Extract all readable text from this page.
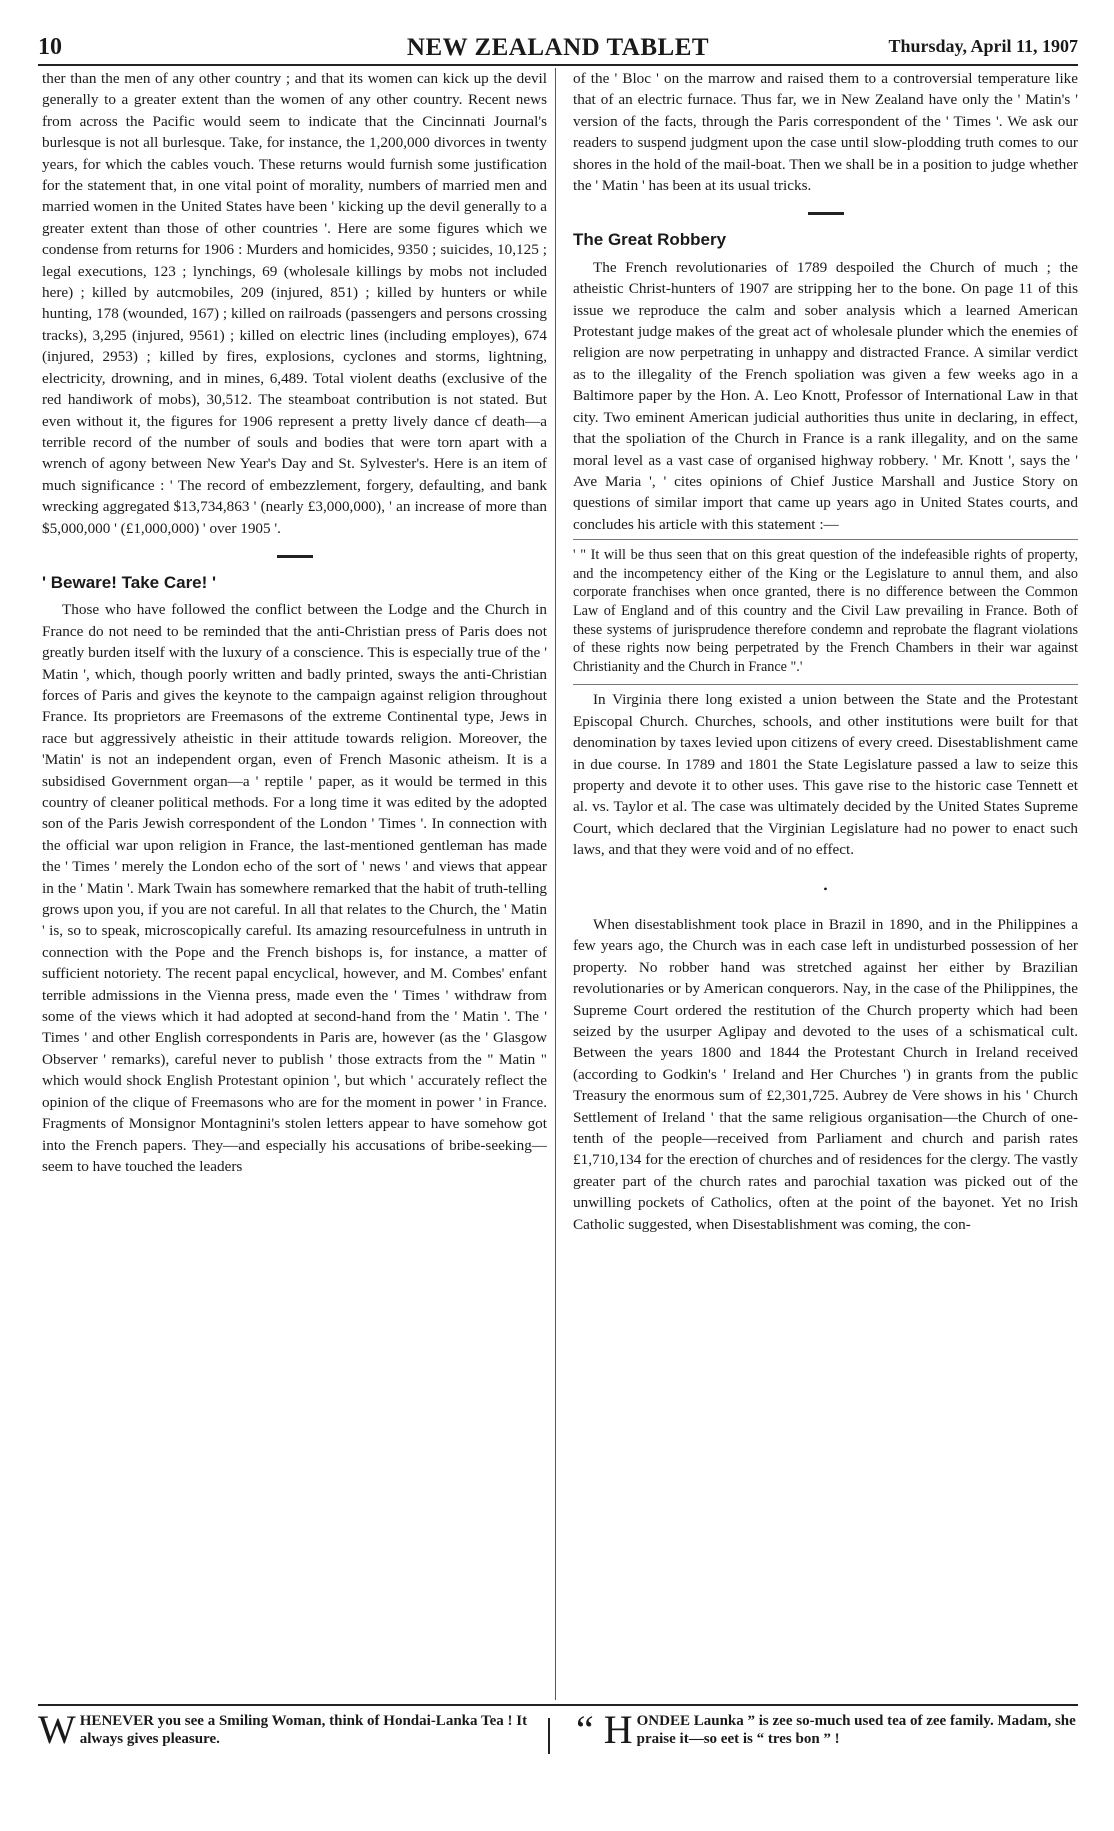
10	NEW ZEALAND TABLET	Thursday, April 11, 1907

ther than the men of any other country ; and that its women can kick up the devil generally to a greater extent than the women of any other country. Recent news from across the Pacific would seem to indicate that the Cincinnati Journal's burlesque is not all burlesque. Take, for instance, the 1,200,000 divorces in twenty years, for which the cables vouch. These returns would furnish some justification for the statement that, in one vital point of morality, numbers of married men and married women in the United States have been ' kicking up the devil generally to a greater extent than those of other countries '. Here are some figures which we condense from returns for 1906 : Murders and homicides, 9350 ; suicides, 10,125 ; legal executions, 123 ; lynchings, 69 (wholesale killings by mobs not included here) ; killed by autcmobiles, 209 (injured, 851) ; killed by hunters or while hunting, 178 (wounded, 167) ; killed on railroads (passengers and persons crossing tracks), 3,295 (injured, 9561) ; killed on electric lines (including employes), 674 (injured, 2953) ; killed by fires, explosions, cyclones and storms, lightning, electricity, drowning, and in mines, 6,489. Total violent deaths (exclusive of the red handiwork of mobs), 30,512. The steamboat contribution is not stated. But even without it, the figures for 1906 represent a pretty lively dance cf death—a terrible record of the number of souls and bodies that were torn apart with a wrench of agony between New Year's Day and St. Sylvester's. Here is an item of much significance : ' The record of embezzlement, forgery, defaulting, and bank wrecking aggregated $13,734,863 ' (nearly £3,000,000), ' an increase of more than $5,000,000 ' (£1,000,000) ' over 1905 '.

' Beware! Take Care! '

Those who have followed the conflict between the Lodge and the Church in France do not need to be reminded that the anti-Christian press of Paris does not greatly burden itself with the luxury of a conscience. This is especially true of the ' Matin ', which, though poorly written and badly printed, sways the anti-Christian forces of Paris and gives the keynote to the campaign against religion throughout France. Its proprietors are Freemasons of the extreme Continental type, Jews in race but aggressively atheistic in their attitude towards religion. Moreover, the 'Matin' is not an independent organ, even of French Masonic atheism. It is a subsidised Government organ—a ' reptile ' paper, as it would be termed in this country of cleaner political methods. For a long time it was edited by the adopted son of the Paris Jewish correspondent of the London ' Times '. In connection with the official war upon religion in France, the last-mentioned gentleman has made the ' Times ' merely the London echo of the sort of ' news ' and views that appear in the ' Matin '. Mark Twain has somewhere remarked that the habit of truth-telling grows upon you, if you are not careful. In all that relates to the Church, the ' Matin ' is, so to speak, microscopically careful. Its amazing resourcefulness in untruth in connection with the Pope and the French bishops is, for instance, a matter of sufficient notoriety. The recent papal encyclical, however, and M. Combes' enfant terrible admissions in the Vienna press, made even the ' Times ' withdraw from some of the views which it had adopted at second-hand from the ' Matin '. The ' Times ' and other English correspondents in Paris are, however (as the ' Glasgow Observer ' remarks), careful never to publish ' those extracts from the " Matin " which would shock English Protestant opinion ', but which ' accurately reflect the opinion of the clique of Freemasons who are for the moment in power ' in France. Fragments of Monsignor Montagnini's stolen letters appear to have somehow got into the French papers. They—and especially his accusations of bribe-seeking—seem to have touched the leaders

of the ' Bloc ' on the marrow and raised them to a controversial temperature like that of an electric furnace. Thus far, we in New Zealand have only the ' Matin's ' version of the facts, through the Paris correspondent of the ' Times '. We ask our readers to suspend judgment upon the case until slow-plodding truth comes to our shores in the hold of the mail-boat. Then we shall be in a position to judge whether the ' Matin ' has been at its usual tricks.

The Great Robbery

The French revolutionaries of 1789 despoiled the Church of much ; the atheistic Christ-hunters of 1907 are stripping her to the bone. On page 11 of this issue we reproduce the calm and sober analysis which a learned American Protestant judge makes of the great act of wholesale plunder which the enemies of religion are now perpetrating in unhappy and distracted France. A similar verdict as to the illegality of the French spoliation was given a few weeks ago in a Baltimore paper by the Hon. A. Leo Knott, Professor of International Law in that city. Two eminent American judicial authorities thus unite in declaring, in effect, that the spoliation of the Church in France is a rank illegality, and on the same moral level as a vast case of organised highway robbery. ' Mr. Knott ', says the ' Ave Maria ', ' cites opinions of Chief Justice Marshall and Justice Story on questions of similar import that came up years ago in United States courts, and concludes his article with this statement :—

' " It will be thus seen that on this great question of the indefeasible rights of property, and the incompetency either of the King or the Legislature to annul them, and also corporate franchises when once granted, there is no difference between the Common Law of England and of this country and the Civil Law prevailing in France. Both of these systems of jurisprudence therefore condemn and reprobate the flagrant violations of these rights now being perpetrated by the French Chambers in their war against Christianity and the Church in France ".'

In Virginia there long existed a union between the State and the Protestant Episcopal Church. Churches, schools, and other institutions were built for that denomination by taxes levied upon citizens of every creed. Disestablishment came in due course. In 1789 and 1801 the State Legislature passed a law to seize this property and devote it to other uses. This gave rise to the historic case Tennett et al. vs. Taylor et al. The case was ultimately decided by the United States Supreme Court, which declared that the Virginian Legislature had no power to enact such laws, and that they were void and of no effect.

•

When disestablishment took place in Brazil in 1890, and in the Philippines a few years ago, the Church was in each case left in undisturbed possession of her property. No robber hand was stretched against her either by Brazilian revolutionaries or by American conquerors. Nay, in the case of the Philippines, the Supreme Court ordered the restitution of the Church property which had been seized by the usurper Aglipay and devoted to the uses of a schismatical cult. Between the years 1800 and 1844 the Protestant Church in Ireland received (according to Godkin's ' Ireland and Her Churches ') in grants from the public Treasury the enormous sum of £2,301,725. Aubrey de Vere shows in his ' Church Settlement of Ireland ' that the same religious organisation—the Church of one-tenth of the people—received from Parliament and church and parish rates £1,710,134 for the erection of churches and of residences for the clergy. The vastly greater part of the church rates and parochial taxation was picked out of the unwilling pockets of Catholics, often at the point of the bayonet. Yet no Irish Catholic suggested, when Disestablishment was coming, the con-

W HENEVER you see a Smiling Woman, think of Hondai-Lanka Tea ! It always gives pleasure.	“ H ONDEE Launka ” is zee so-much used tea of zee family. Madam, she praise it—so eet is “ tres bon ” !
